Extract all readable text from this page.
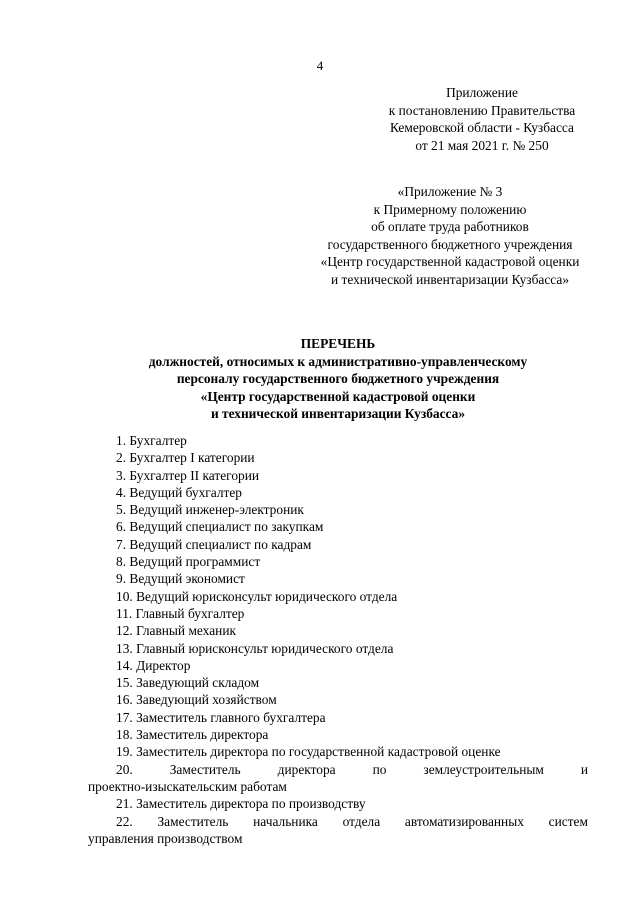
4
Приложение
к постановлению Правительства
Кемеровской области - Кузбасса
от 21 мая 2021 г. № 250
«Приложение № 3
к Примерному положению
об оплате труда работников
государственного бюджетного учреждения
«Центр государственной кадастровой оценки
и технической инвентаризации Кузбасса»
ПЕРЕЧЕНЬ
должностей, относимых к административно-управленческому
персоналу государственного бюджетного учреждения
«Центр государственной кадастровой оценки
и технической инвентаризации Кузбасса»
1. Бухгалтер
2. Бухгалтер I категории
3. Бухгалтер II категории
4. Ведущий бухгалтер
5. Ведущий инженер-электроник
6. Ведущий специалист по закупкам
7. Ведущий специалист по кадрам
8. Ведущий программист
9. Ведущий экономист
10. Ведущий юрисконсульт юридического отдела
11. Главный бухгалтер
12. Главный механик
13. Главный юрисконсульт юридического отдела
14. Директор
15. Заведующий складом
16. Заведующий хозяйством
17. Заместитель главного бухгалтера
18. Заместитель директора
19. Заместитель директора по государственной кадастровой оценке
20.	Заместитель	директора	по	землеустроительным	и
проектно-изыскательским работам
21. Заместитель директора по производству
22. Заместитель начальника отдела автоматизированных систем
управления производством
